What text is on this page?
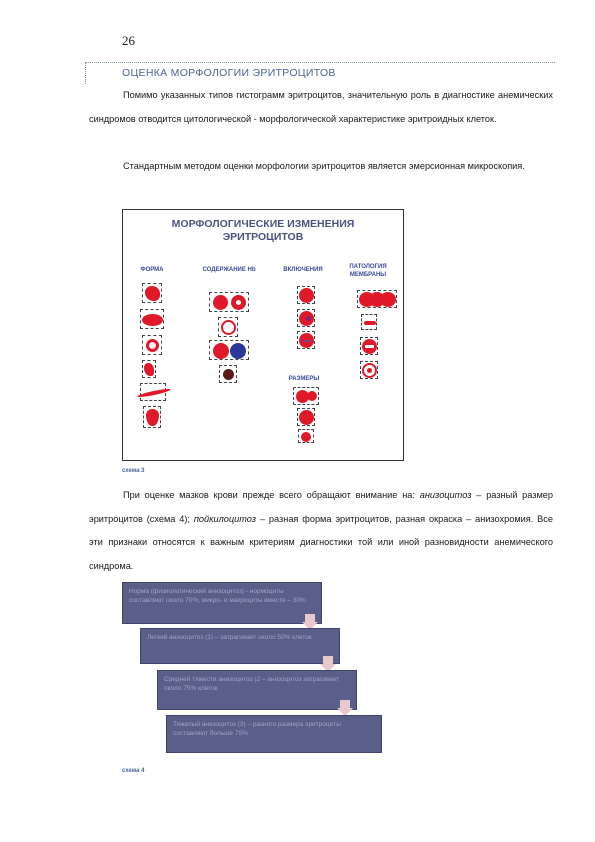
26
ОЦЕНКА МОРФОЛОГИИ ЭРИТРОЦИТОВ
Помимо указанных типов гистограмм эритроцитов, значительную роль в диагностике анемических синдромов отводится цитологической - морфологической характеристике эритроидных клеток.
Стандартным методом оценки морфологии эритроцитов является эмерсионная микроскопия.
МОРФОЛОГИЧЕСКИЕ ИЗМЕНЕНИЯ
ЭРИТРОЦИТОВ
ФОРМА	СОДЕРЖАНИЕ Нb	ВКЛЮЧЕНИЯ	ПАТОЛОГИЯ
МЕМБРАНЫ
РАЗМЕРЫ
схема 3
При оценке мазков крови прежде всего обращают внимание на: анизоцитоз – разный размер эритроцитов (схема 4); пойкилоцитоз – разная форма эритроцитов, разная окраска – анизохромия. Все эти признаки относятся к важным критериям диагностики той или иной разновидности анемического синдрома.
Норма (физиологический анизоцитоз) - нормоциты составляют около 70%, микро- и макроциты вместе – 30%
Легкий анизоцитоз (1) – затрагивает около 50% клеток
Средней тяжести анизоцитоз (2 – анизоцитоз затрагивает около 75% клеток
Тяжелый анизоцитоз (3) – разного размера эритроциты составляют больше 75%
схема 4
